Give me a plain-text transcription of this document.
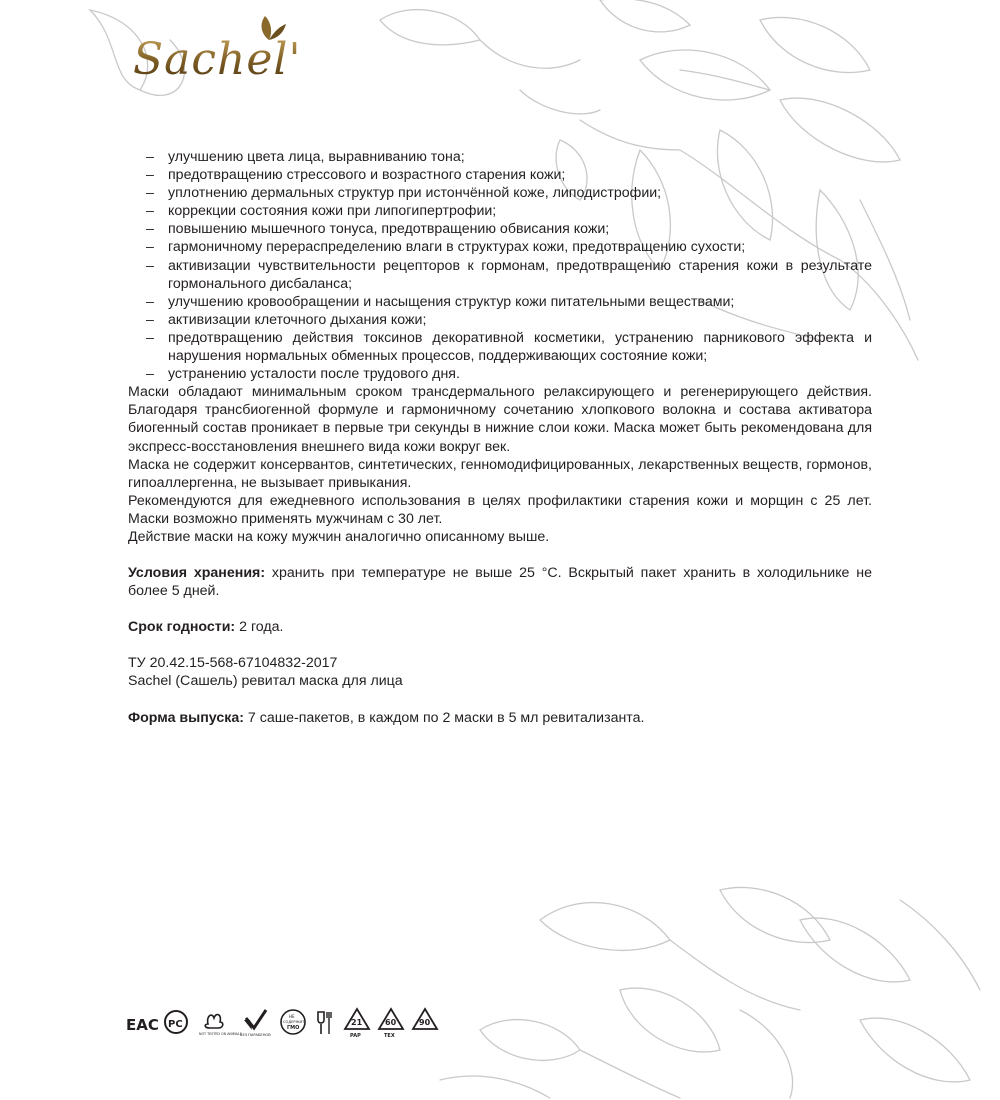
Sachel'
– улучшению цвета лица, выравниванию тона;
– предотвращению стрессового и возрастного старения кожи;
– уплотнению дермальных структур при истончённой коже, липодистрофии;
– коррекции состояния кожи при липогипертрофии;
– повышению мышечного тонуса, предотвращению обвисания кожи;
– гармоничному перераспределению влаги в структурах кожи, предотвращению сухости;
– активизации чувствительности рецепторов к гормонам, предотвращению старения кожи в результате гормонального дисбаланса;
– улучшению кровообращении и насыщения структур кожи питательными веществами;
– активизации клеточного дыхания кожи;
– предотвращению действия токсинов декоративной косметики, устранению парникового эффекта и нарушения нормальных обменных процессов, поддерживающих состояние кожи;
– устранению усталости после трудового дня.

Маски обладают минимальным сроком трансдермального релаксирующего и регенерирующего действия. Благодаря трансбиогенной формуле и гармоничному сочетанию хлопкового волокна и состава активатора биогенный состав проникает в первые три секунды в нижние слои кожи. Маска может быть рекомендована для экспресс-восстановления внешнего вида кожи вокруг век.

Маска не содержит консервантов, синтетических, генномодифицированных, лекарственных веществ, гормонов, гипоаллергенна, не вызывает привыкания.

Рекомендуются для ежедневного использования в целях профилактики старения кожи и морщин с 25 лет. Маски возможно применять мужчинам с 30 лет.

Действие маски на кожу мужчин аналогично описанному выше.

Условия хранения: хранить при температуре не выше 25 °С. Вскрытый пакет хранить в холодильнике не более 5 дней.

Срок годности: 2 года.

ТУ 20.42.15-568-67104832-2017

Sachel (Сашель) ревитал маска для лица

Форма выпуска: 7 саше-пакетов, в каждом по 2 маски в 5 мл ревитализанта.

EAC PC
NOT TESTED ON ANIMALS
БЕЗ ПАРАБЕНОВ
НЕ
СОДЕРЖИТ
ГМО
21
PAP
60
TEX
90
